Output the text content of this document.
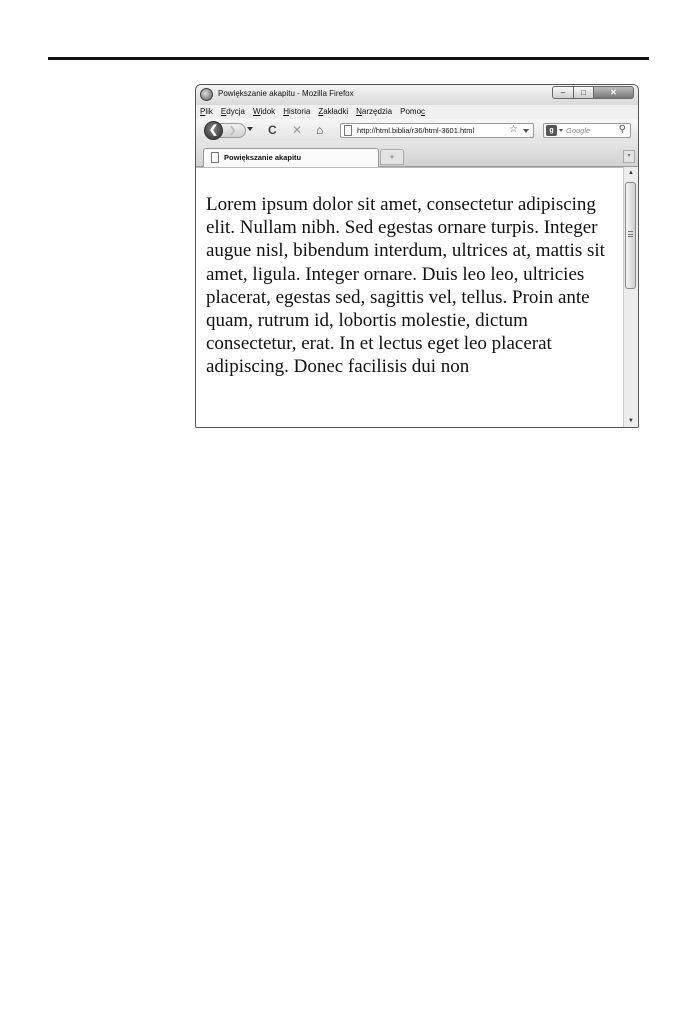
Powiększanie akapitu - Mozilla Firefox	–	□	✕
Plik Edycja Widok Historia Zakładki Narzędzia Pomoc
❯
❮	C ✕ ⌂	http://html.biblia/r36/html-3601.html	☆	g
Google	⚲
Powiększanie akapitu	+	▾

Lorem ipsum dolor sit amet, consectetur adipiscing elit. Nullam nibh. Sed egestas ornare turpis. Integer augue nisl, bibendum interdum, ultrices at, mattis sit amet, ligula. Integer ornare. Duis leo leo, ultricies placerat, egestas sed, sagittis vel, tellus. Proin ante quam, rutrum id, lobortis molestie, dictum consectetur, erat. In et lectus eget leo placerat adipiscing. Donec facilisis dui non

▲
▼
